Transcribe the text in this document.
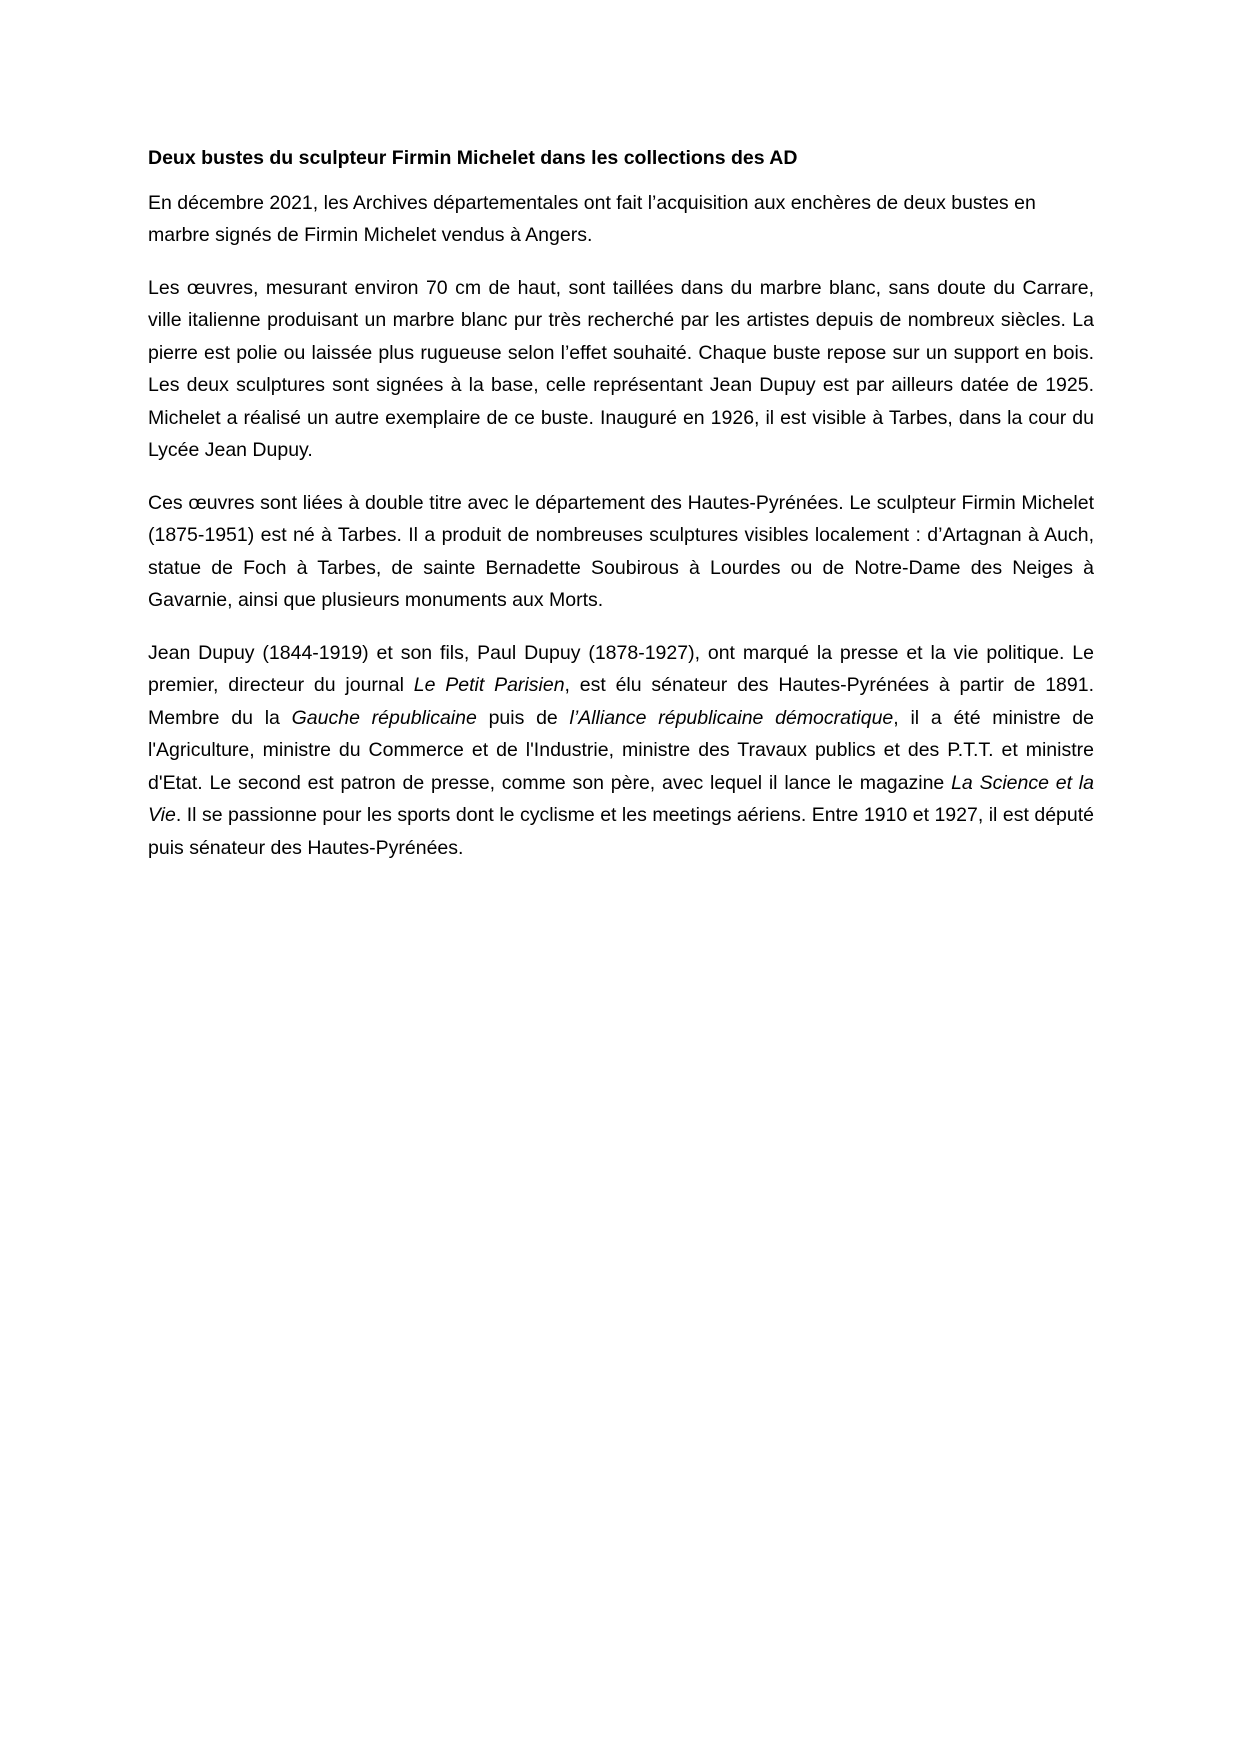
Deux bustes du sculpteur Firmin Michelet dans les collections des AD

En décembre 2021, les Archives départementales ont fait l’acquisition aux enchères de deux bustes en marbre signés de Firmin Michelet vendus à Angers.

Les œuvres, mesurant environ 70 cm de haut, sont taillées dans du marbre blanc, sans doute du Carrare, ville italienne produisant un marbre blanc pur très recherché par les artistes depuis de nombreux siècles. La pierre est polie ou laissée plus rugueuse selon l’effet souhaité. Chaque buste repose sur un support en bois. Les deux sculptures sont signées à la base, celle représentant Jean Dupuy est par ailleurs datée de 1925. Michelet a réalisé un autre exemplaire de ce buste. Inauguré en 1926, il est visible à Tarbes, dans la cour du Lycée Jean Dupuy.

Ces œuvres sont liées à double titre avec le département des Hautes-Pyrénées. Le sculpteur Firmin Michelet (1875-1951) est né à Tarbes. Il a produit de nombreuses sculptures visibles localement : d’Artagnan à Auch, statue de Foch à Tarbes, de sainte Bernadette Soubirous à Lourdes ou de Notre-Dame des Neiges à Gavarnie, ainsi que plusieurs monuments aux Morts.

Jean Dupuy (1844-1919) et son fils, Paul Dupuy (1878-1927), ont marqué la presse et la vie politique. Le premier, directeur du journal Le Petit Parisien, est élu sénateur des Hautes-Pyrénées à partir de 1891. Membre du la Gauche républicaine puis de l’Alliance républicaine démocratique, il a été ministre de l'Agriculture, ministre du Commerce et de l'Industrie, ministre des Travaux publics et des P.T.T. et ministre d'Etat. Le second est patron de presse, comme son père, avec lequel il lance le magazine La Science et la Vie. Il se passionne pour les sports dont le cyclisme et les meetings aériens. Entre 1910 et 1927, il est député puis sénateur des Hautes-Pyrénées.
